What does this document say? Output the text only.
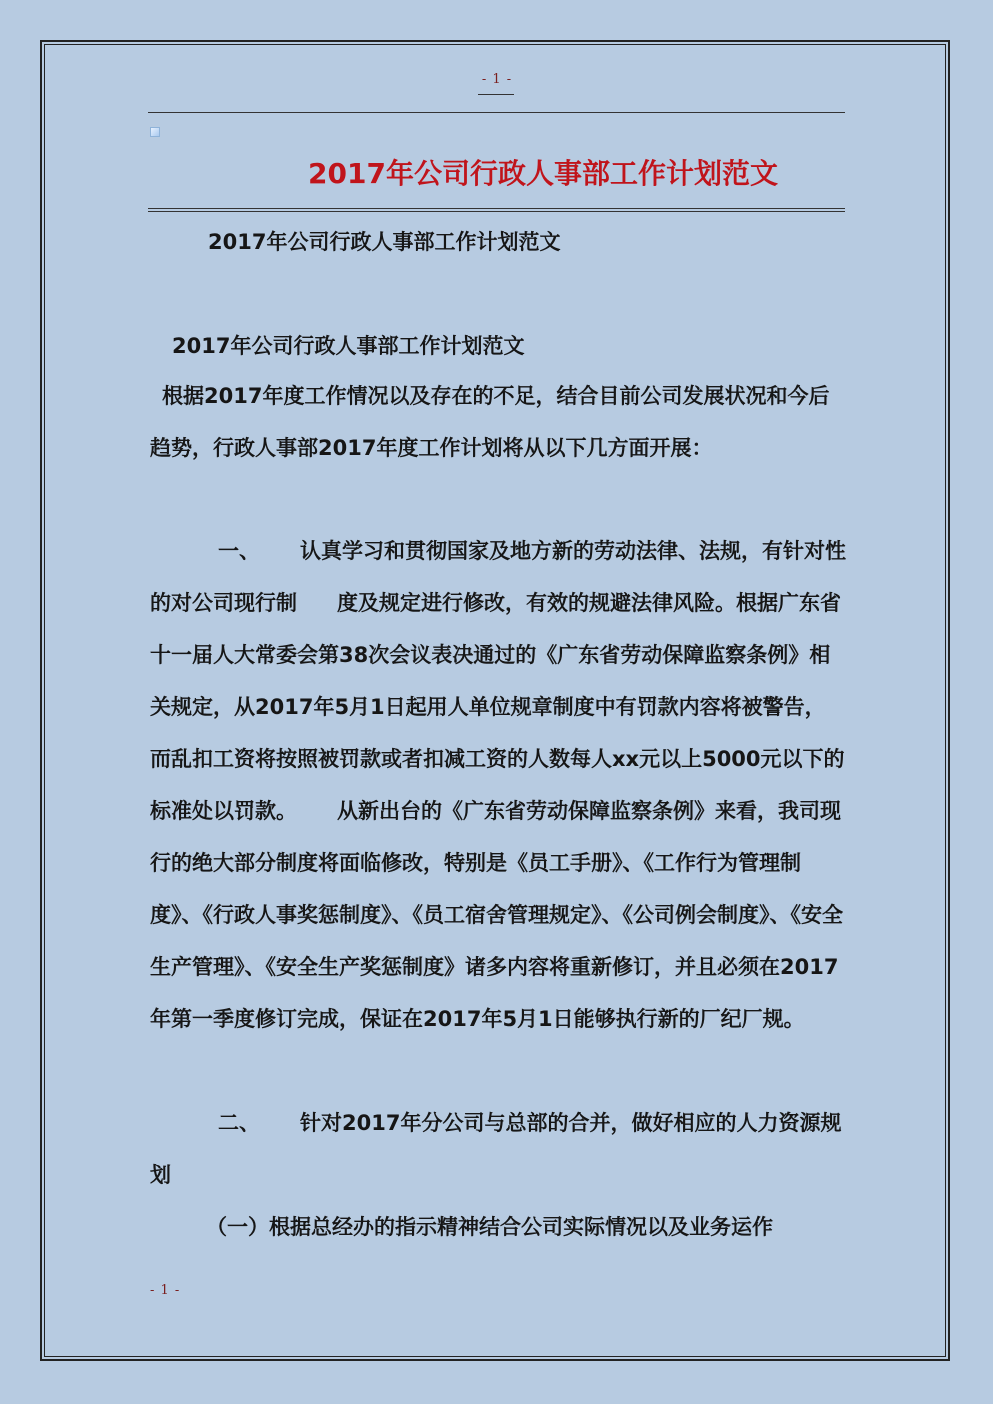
- 1 -
2017年公司行政人事部工作计划范文
2017年公司行政人事部工作计划范文
2017年公司行政人事部工作计划范文
根据2017年度工作情况以及存在的不足，结合目前公司发展状况和今后趋势，行政人事部2017年度工作计划将从以下几方面开展：
一、 认真学习和贯彻国家及地方新的劳动法律、法规，有针对性的对公司现行制 度及规定进行修改，有效的规避法律风险。根据广东省十一届人大常委会第38次会议表决通过的《广东省劳动保障监察条例》相关规定，从2017年5月1日起用人单位规章制度中有罚款内容将被警告，而乱扣工资将按照被罚款或者扣减工资的人数每人xx元以上5000元以下的标准处以罚款。 从新出台的《广东省劳动保障监察条例》来看，我司现行的绝大部分制度将面临修改，特别是《员工手册》、《工作行为管理制度》、《行政人事奖惩制度》、《员工宿舍管理规定》、《公司例会制度》、《安全生产管理》、《安全生产奖惩制度》诸多内容将重新修订，并且必须在2017年第一季度修订完成，保证在2017年5月1日能够执行新的厂纪厂规。
二、 针对2017年分公司与总部的合并，做好相应的人力资源规划
（一）根据总经办的指示精神结合公司实际情况以及业务运作
- 1 -
